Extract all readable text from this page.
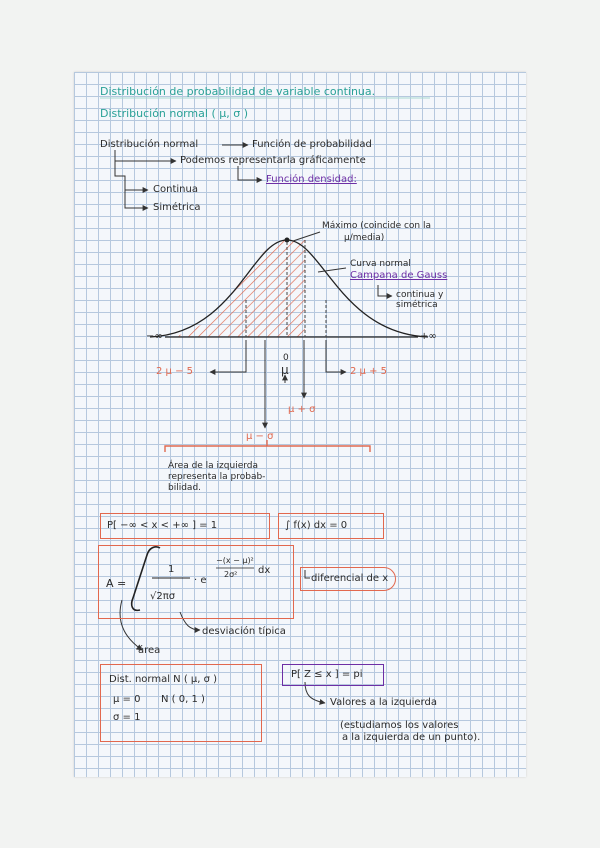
Distribución de probabilidad de variable continua.
Distribución normal ( μ, σ )
Distribución normal	Función de probabilidad
Podemos representarla gráficamente
Función densidad:
Continua
Simétrica
Máximo (coincide con la
μ/media)
Curva normal
Campana de Gauss
continua y
simétrica
−∞	+∞
0
μ
2 μ − 5	2 μ + 5
μ + σ
μ − σ
Área de la izquierda
representa la probab-
bilidad.
P[ −∞ < x < +∞ ] = 1	∫ f(x) dx = 0
A =
1
√2πσ
· e
−(x − μ)²
2σ² dx
diferencial de x
desviación típica
área
Dist. normal N ( μ, σ )
μ = 0
σ = 1
N ( 0, 1 )
P[ Z ≤ x ] = pi
Valores a la izquierda
(estudiamos los valores
a la izquierda de un punto).
